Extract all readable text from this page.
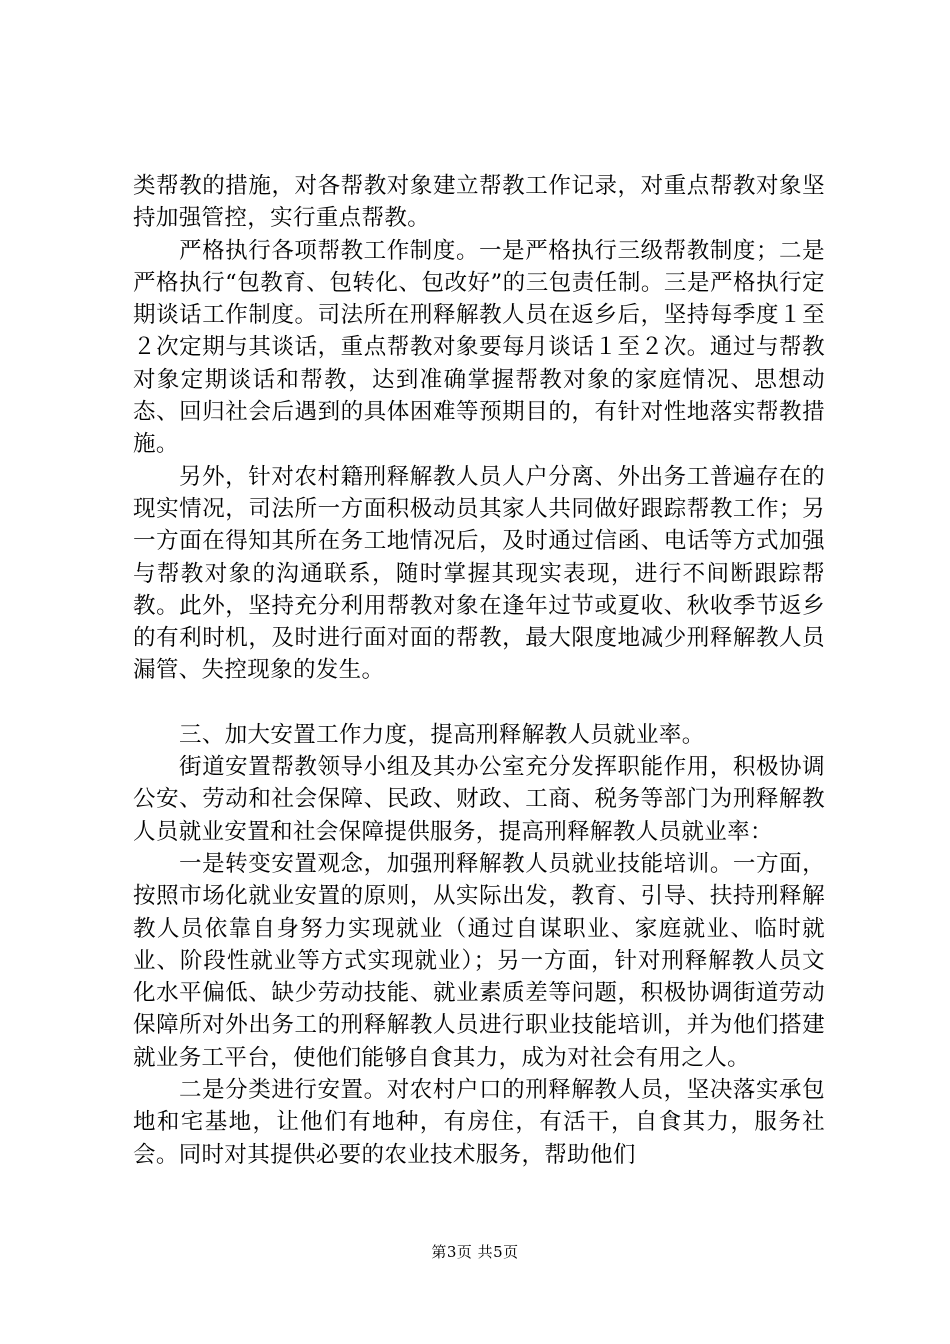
类帮教的措施，对各帮教对象建立帮教工作记录，对重点帮教对象坚持加强管控，实行重点帮教。

严格执行各项帮教工作制度。一是严格执行三级帮教制度；二是严格执行“包教育、包转化、包改好”的三包责任制。三是严格执行定期谈话工作制度。司法所在刑释解教人员在返乡后，坚持每季度１至２次定期与其谈话，重点帮教对象要每月谈话１至２次。通过与帮教对象定期谈话和帮教，达到准确掌握帮教对象的家庭情况、思想动态、回归社会后遇到的具体困难等预期目的，有针对性地落实帮教措施。

另外，针对农村籍刑释解教人员人户分离、外出务工普遍存在的现实情况，司法所一方面积极动员其家人共同做好跟踪帮教工作；另一方面在得知其所在务工地情况后，及时通过信函、电话等方式加强与帮教对象的沟通联系，随时掌握其现实表现，进行不间断跟踪帮教。此外，坚持充分利用帮教对象在逢年过节或夏收、秋收季节返乡的有利时机，及时进行面对面的帮教，最大限度地减少刑释解教人员漏管、失控现象的发生。

三、加大安置工作力度，提高刑释解教人员就业率。

街道安置帮教领导小组及其办公室充分发挥职能作用，积极协调公安、劳动和社会保障、民政、财政、工商、税务等部门为刑释解教人员就业安置和社会保障提供服务，提高刑释解教人员就业率：

一是转变安置观念，加强刑释解教人员就业技能培训。一方面，按照市场化就业安置的原则，从实际出发，教育、引导、扶持刑释解教人员依靠自身努力实现就业（通过自谋职业、家庭就业、临时就业、阶段性就业等方式实现就业）；另一方面，针对刑释解教人员文化水平偏低、缺少劳动技能、就业素质差等问题，积极协调街道劳动保障所对外出务工的刑释解教人员进行职业技能培训，并为他们搭建就业务工平台，使他们能够自食其力，成为对社会有用之人。

二是分类进行安置。对农村户口的刑释解教人员，坚决落实承包地和宅基地，让他们有地种，有房住，有活干，自食其力，服务社会。同时对其提供必要的农业技术服务，帮助他们

第3页 共5页
